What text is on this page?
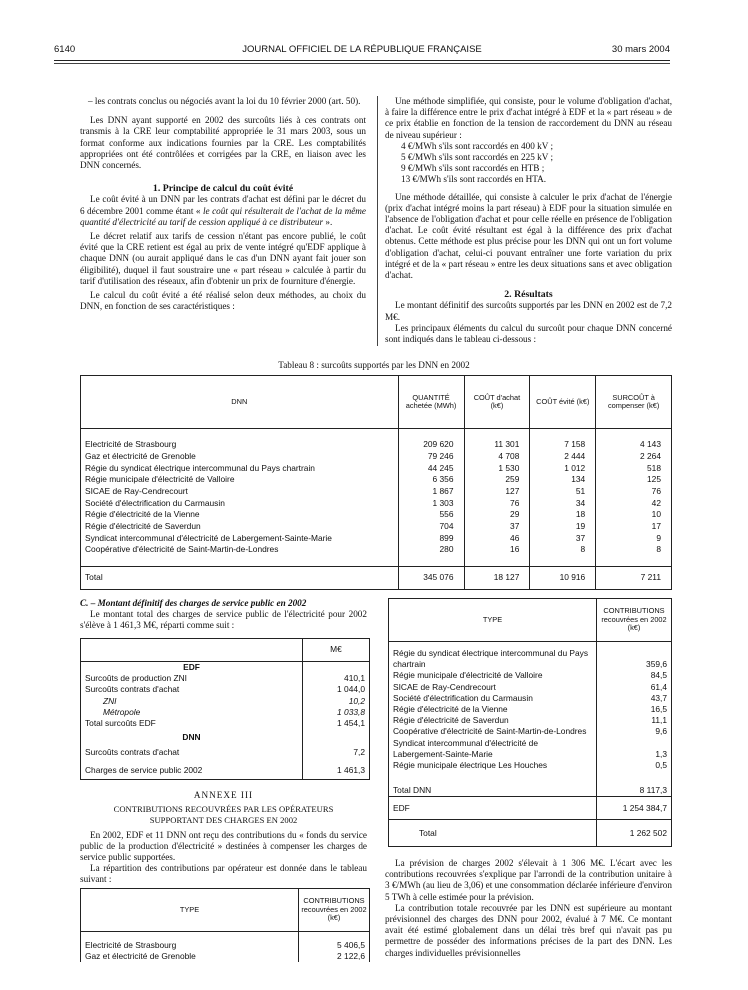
6140	JOURNAL OFFICIEL DE LA RÉPUBLIQUE FRANÇAISE	30 mars 2004

– les contrats conclus ou négociés avant la loi du 10 février 2000 (art. 50).

Les DNN ayant supporté en 2002 des surcoûts liés à ces contrats ont transmis à la CRE leur comptabilité appropriée le 31 mars 2003, sous un format conforme aux indications fournies par la CRE. Les comptabilités appropriées ont été contrôlées et corrigées par la CRE, en liaison avec les DNN concernés.

1. Principe de calcul du coût évité

Le coût évité à un DNN par les contrats d'achat est défini par le décret du 6 décembre 2001 comme étant « le coût qui résulterait de l'achat de la même quantité d'électricité au tarif de cession appliqué à ce distributeur ».

Le décret relatif aux tarifs de cession n'étant pas encore publié, le coût évité que la CRE retient est égal au prix de vente intégré qu'EDF applique à chaque DNN (ou aurait appliqué dans le cas d'un DNN ayant fait jouer son éligibilité), duquel il faut soustraire une « part réseau » calculée à partir du tarif d'utilisation des réseaux, afin d'obtenir un prix de fourniture d'énergie.

Le calcul du coût évité a été réalisé selon deux méthodes, au choix du DNN, en fonction de ses caractéristiques :

Une méthode simplifiée, qui consiste, pour le volume d'obligation d'achat, à faire la différence entre le prix d'achat intégré à EDF et la « part réseau » de ce prix établie en fonction de la tension de raccordement du DNN au réseau de niveau supérieur :

4 €/MWh s'ils sont raccordés en 400 kV ;
5 €/MWh s'ils sont raccordés en 225 kV ;
9 €/MWh s'ils sont raccordés en HTB ;
13 €/MWh s'ils sont raccordés en HTA.

Une méthode détaillée, qui consiste à calculer le prix d'achat de l'énergie (prix d'achat intégré moins la part réseau) à EDF pour la situation simulée en l'absence de l'obligation d'achat et pour celle réelle en présence de l'obligation d'achat. Le coût évité résultant est égal à la différence des prix d'achat obtenus. Cette méthode est plus précise pour les DNN qui ont un fort volume d'obligation d'achat, celui-ci pouvant entraîner une forte variation du prix intégré et de la « part réseau » entre les deux situations sans et avec obligation d'achat.

2. Résultats

Le montant définitif des surcoûts supportés par les DNN en 2002 est de 7,2 M€.

Les principaux éléments du calcul du surcoût pour chaque DNN concerné sont indiqués dans le tableau ci-dessous :

Tableau 8 : surcoûts supportés par les DNN en 2002
DNN	QUANTITÉ achetée (MWh)	COÛT d'achat (k€)	COÛT évité (k€)	SURCOÛT à compenser (k€)

Electricité de Strasbourg	209 620	11 301	7 158	4 143
Gaz et électricité de Grenoble	79 246	4 708	2 444	2 264
Régie du syndicat électrique intercommunal du Pays chartrain	44 245	1 530	1 012	518
Régie municipale d'électricité de Valloire	6 356	259	134	125
SICAE de Ray-Cendrecourt	1 867	127	51	76
Société d'électrification du Carmausin	1 303	76	34	42
Régie d'électricité de la Vienne	556	29	18	10
Régie d'électricité de Saverdun	704	37	19	17
Syndicat intercommunal d'électricité de Labergement-Sainte-Marie	899	46	37	9
Coopérative d'électricité de Saint-Martin-de-Londres	280	16	8	8

Total	345 076	18 127	10 916	7 211

C. – Montant définitif des charges de service public en 2002

Le montant total des charges de service public de l'électricité pour 2002 s'élève à 1 461,3 M€, réparti comme suit :

	M€
EDF	
Surcoûts de production ZNI	410,1
Surcoûts contrats d'achat	1 044,0
ZNI	10,2
Métropole	1 033,8
Total surcoûts EDF	1 454,1
DNN	
Surcoûts contrats d'achat	7,2
Charges de service public 2002	1 461,3

ANNEXE III

CONTRIBUTIONS RECOUVRÉES PAR LES OPÉRATEURS SUPPORTANT DES CHARGES EN 2002

En 2002, EDF et 11 DNN ont reçu des contributions du « fonds du service public de la production d'électricité » destinées à compenser les charges de service public supportées.

La répartition des contributions par opérateur est donnée dans le tableau suivant :

TYPE	CONTRIBUTIONS recouvrées en 2002 (k€)
Electricité de Strasbourg	5 406,5
Gaz et électricité de Grenoble	2 122,6
TYPE	CONTRIBUTIONS recouvrées en 2002 (k€)
Régie du syndicat électrique intercommunal du Pays chartrain	359,6
Régie municipale d'électricité de Valloire	84,5
SICAE de Ray-Cendrecourt	61,4
Société d'électrification du Carmausin	43,7
Régie d'électricité de la Vienne	16,5
Régie d'électricité de Saverdun	11,1
Coopérative d'électricité de Saint-Martin-de-Londres	9,6
Syndicat intercommunal d'électricité de Labergement-Sainte-Marie	1,3
Régie municipale électrique Les Houches	0,5
Total DNN	8 117,3
EDF	1 254 384,7
Total	1 262 502

La prévision de charges 2002 s'élevait à 1 306 M€. L'écart avec les contributions recouvrées s'explique par l'arrondi de la contribution unitaire à 3 €/MWh (au lieu de 3,06) et une consommation déclarée inférieure d'environ 5 TWh à celle estimée pour la prévision.

La contribution totale recouvrée par les DNN est supérieure au montant prévisionnel des charges des DNN pour 2002, évalué à 7 M€. Ce montant avait été estimé globalement dans un délai très bref qui n'avait pas pu permettre de posséder des informations précises de la part des DNN. Les charges individuelles prévisionnelles
